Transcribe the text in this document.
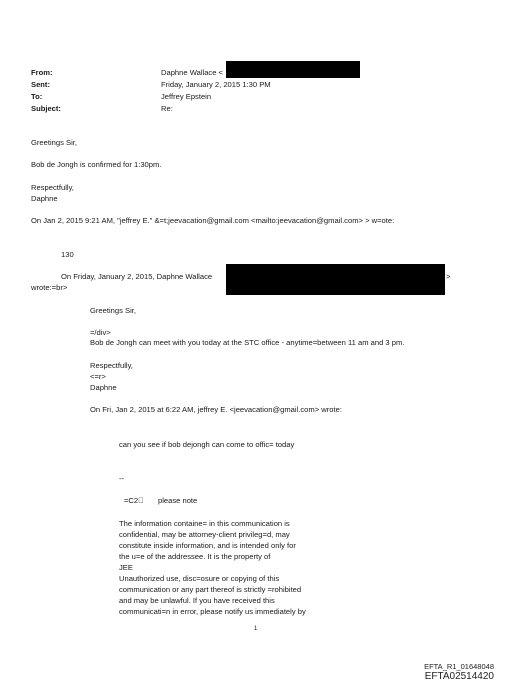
From:	Daphne Wallace <
Sent:	Friday, January 2, 2015 1:30 PM
To:	Jeffrey Epstein
Subject:	Re:
Greetings Sir,
Bob de Jongh is confirmed for 1:30pm.
Respectfully,
Daphne
On Jan 2, 2015 9:21 AM, "jeffrey E." &=t;jeevacation@gmail.com <mailto:jeevacation@gmail.com> > w=ote:
130
On Friday, January 2, 2015, Daphne Wallace	>
wrote:=br>
Greetings Sir,
=/div>
Bob de Jongh can meet with you today at the STC office - anytime=between 11 am and 3 pm.
Respectfully,
<=r>
Daphne
On Fri, Jan 2, 2015 at 6:22 AM, jeffrey E. <jeevacation@gmail.com> wrote:
can you see if bob dejongh can come to offic= today
--
=C2  please note
The information containe= in this communication is
confidential, may be attorney-client privileg=d, may
constitute inside information, and is intended only for
the u=e of the addressee. It is the property of
JEE
Unauthorized use, disc=osure or copying of this
communication or any part thereof is strictly =rohibited
and may be unlawful. If you have received this
communicati=n in error, please notify us immediately by
1
EFTA_R1_01648048
EFTA02514420
